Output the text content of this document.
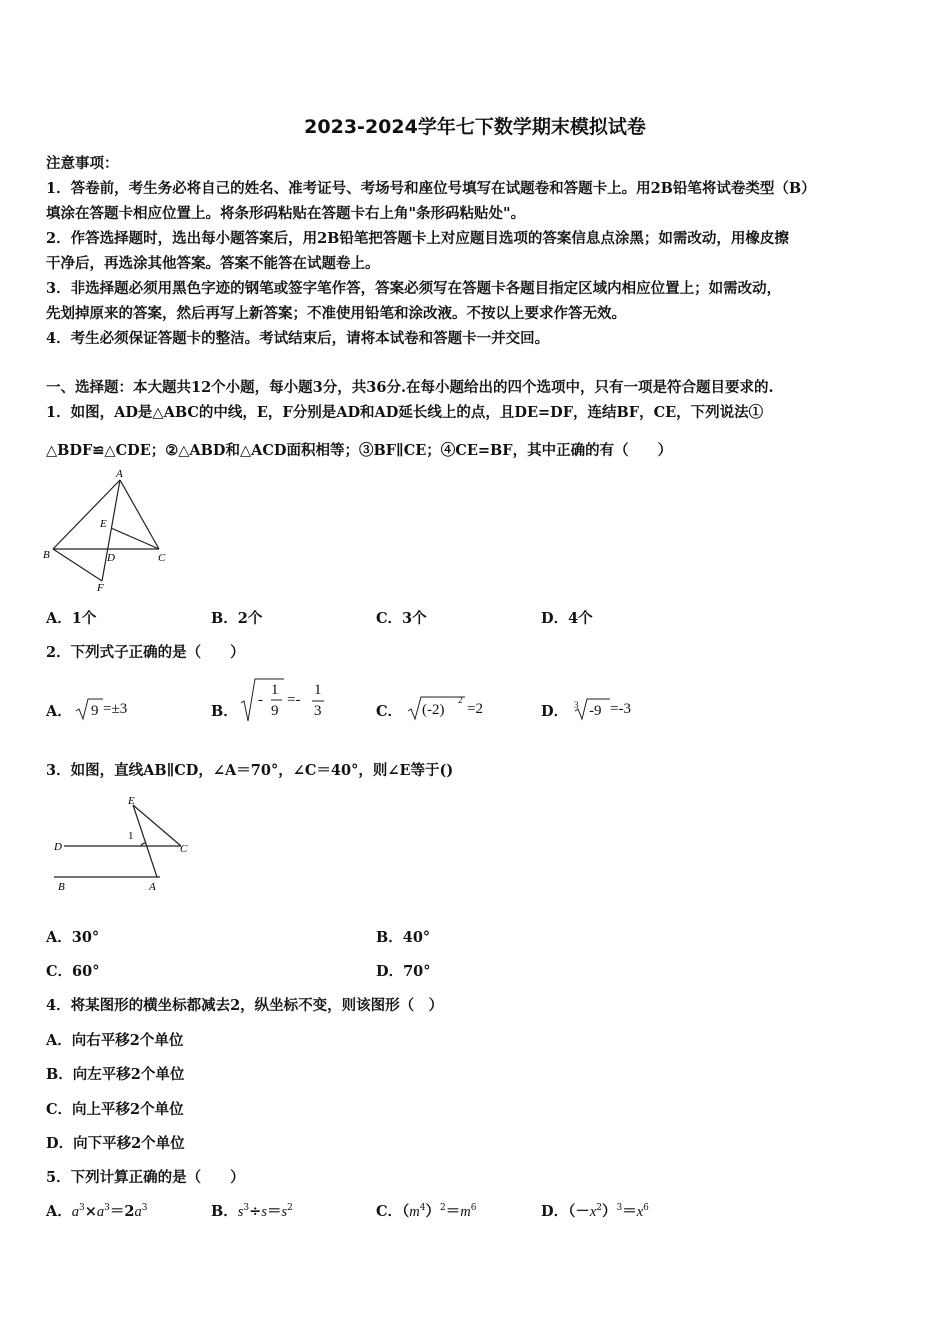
2023-2024学年七下数学期末模拟试卷
注意事项：
1．答卷前，考生务必将自己的姓名、准考证号、考场号和座位号填写在试题卷和答题卡上。用2B铅笔将试卷类型（B）
填涂在答题卡相应位置上。将条形码粘贴在答题卡右上角"条形码粘贴处"。
2．作答选择题时，选出每小题答案后，用2B铅笔把答题卡上对应题目选项的答案信息点涂黑；如需改动，用橡皮擦
干净后，再选涂其他答案。答案不能答在试题卷上。
3．非选择题必须用黑色字迹的钢笔或签字笔作答，答案必须写在答题卡各题目指定区域内相应位置上；如需改动，
先划掉原来的答案，然后再写上新答案；不准使用铅笔和涂改液。不按以上要求作答无效。
4．考生必须保证答题卡的整洁。考试结束后，请将本试卷和答题卡一并交回。
一、选择题：本大题共12个小题，每小题3分，共36分.在每小题给出的四个选项中，只有一项是符合题目要求的.
1．如图，AD是△ABC的中线，E，F分别是AD和AD延长线上的点，且DE=DF，连结BF，CE，下列说法①
△BDF≌△CDE；②△ABD和△ACD面积相等；③BF∥CE；④CE=BF，其中正确的有（　　）
A
E
B	D	C
F
A．1个	B．2个	C．3个	D．4个
2．下列式子正确的是（　　）
A． 9 =±3	B．
-
1
9
=-
1
3	C． (-2)
2
=2	D． 3 -9 =-3
3．如图，直线AB∥CD，∠A＝70°，∠C＝40°，则∠E等于()
E
1
D	C
B	A
A．30°	B．40°
C．60°	D．70°
4．将某图形的横坐标都减去2，纵坐标不变，则该图形（　）
A．向右平移2个单位
B．向左平移2个单位
C．向上平移2个单位
D．向下平移2个单位
5．下列计算正确的是（　　）
A．$a^3\times a^3=2a^3$	B．$s^3\div s=s^2$	C．$(m^4)^2=m^6$	D．$(-x^2)^3=x^6$
